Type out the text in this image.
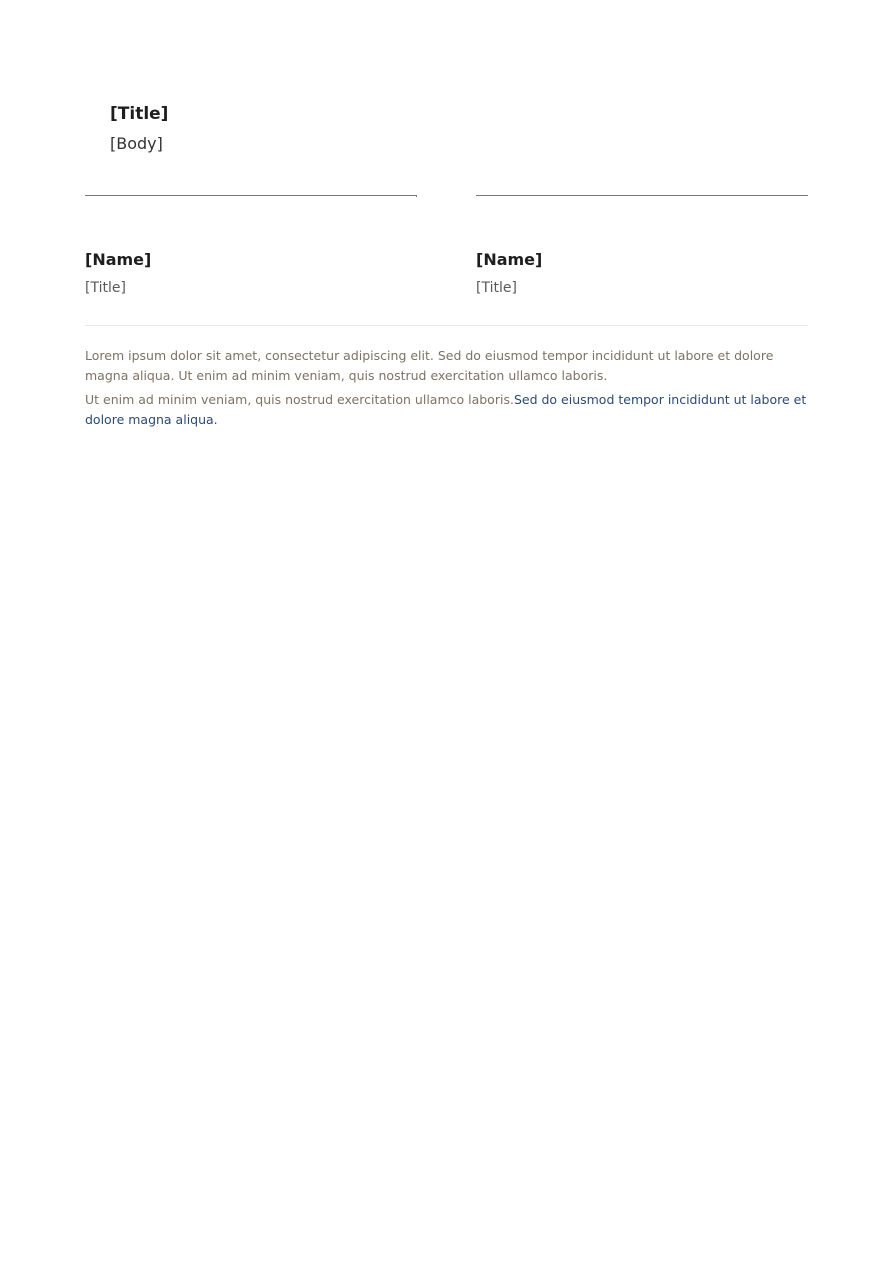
[Title]
[Body]
[Name]
[Title]
[Name]
[Title]
Lorem ipsum dolor sit amet, consectetur adipiscing elit. Sed do eiusmod tempor incididunt ut labore et dolore magna aliqua. Ut enim ad minim veniam, quis nostrud exercitation ullamco laboris.
Ut enim ad minim veniam, quis nostrud exercitation ullamco laboris.Sed do eiusmod tempor incididunt ut labore et dolore magna aliqua.
